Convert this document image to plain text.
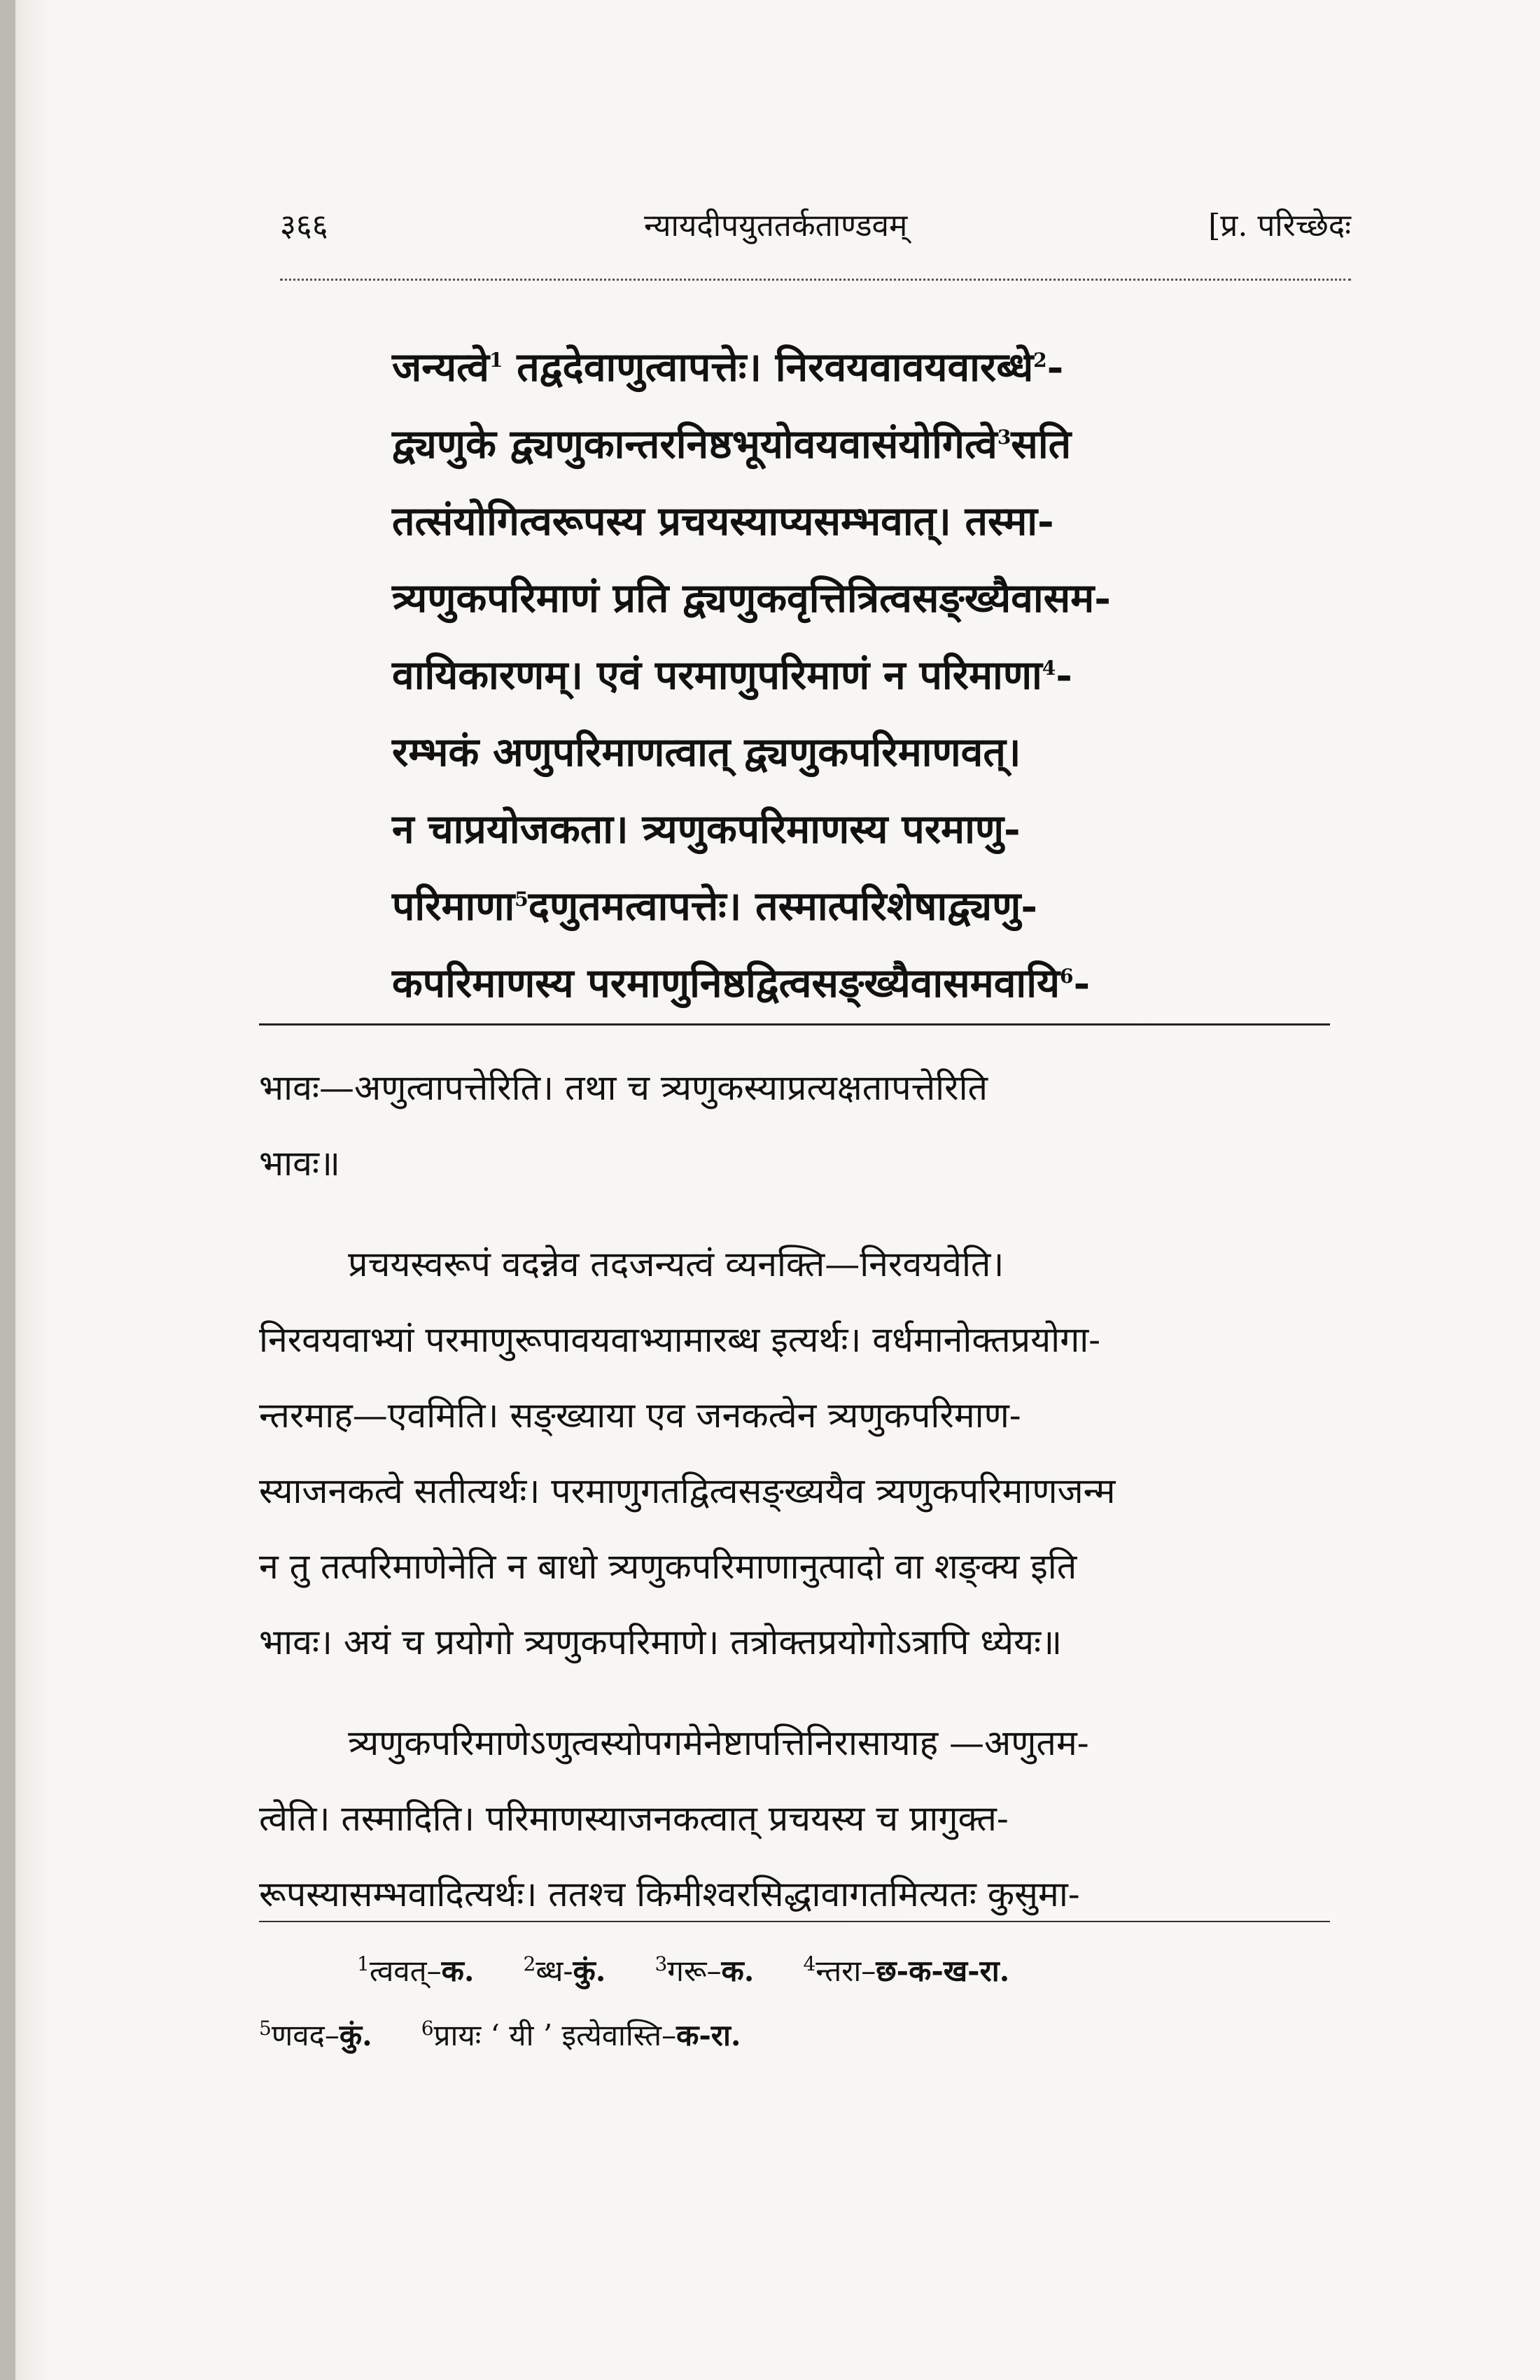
३६६	न्यायदीपयुततर्कताण्डवम्	[प्र. परिच्छेदः
जन्यत्वे$^1$ तद्वदेवाणुत्वापत्तेः। निरवयवावयवारब्धे$^2$-
द्व्यणुके द्व्यणुकान्तरनिष्ठभूयोवयवासंयोगित्वे$^3$सति
तत्संयोगित्वरूपस्य प्रचयस्याप्यसम्भवात्। तस्मा-
त्र्यणुकपरिमाणं प्रति द्व्यणुकवृत्तित्रित्वसङ्ख्यैवासम-
वायिकारणम्। एवं परमाणुपरिमाणं न परिमाणा$^4$-
रम्भकं अणुपरिमाणत्वात् द्व्यणुकपरिमाणवत्।
न चाप्रयोजकता। त्र्यणुकपरिमाणस्य परमाणु-
परिमाणा$^5$दणुतमत्वापत्तेः। तस्मात्परिशेषाद्व्यणु-
कपरिमाणस्य परमाणुनिष्ठद्वित्वसङ्ख्यैवासमवायि$^6$-
भावः—अणुत्वापत्तेरिति। तथा च त्र्यणुकस्याप्रत्यक्षतापत्तेरिति
भावः॥
प्रचयस्वरूपं वदन्नेव तदजन्यत्वं व्यनक्ति—निरवयवेति।
निरवयवाभ्यां परमाणुरूपावयवाभ्यामारब्ध इत्यर्थः। वर्धमानोक्तप्रयोगा-
न्तरमाह—एवमिति। सङ्ख्याया एव जनकत्वेन त्र्यणुकपरिमाण-
स्याजनकत्वे सतीत्यर्थः। परमाणुगतद्वित्वसङ्ख्ययैव त्र्यणुकपरिमाणजन्म
न तु तत्परिमाणेनेति न बाधो त्र्यणुकपरिमाणानुत्पादो वा शङ्क्य इति
भावः। अयं च प्रयोगो त्र्यणुकपरिमाणे। तत्रोक्तप्रयोगोऽत्रापि ध्येयः॥
त्र्यणुकपरिमाणेऽणुत्वस्योपगमेनेष्टापत्तिनिरासायाह —अणुतम-
त्वेति। तस्मादिति। परिमाणस्याजनकत्वात् प्रचयस्य च प्रागुक्त-
रूपस्यासम्भवादित्यर्थः। ततश्च किमीश्वरसिद्धावागतमित्यतः कुसुमा-
$^1$त्ववत्–क.	$^2$ब्ध-कुं.	$^3$गरू–क.	$^4$न्तरा–छ-क-ख-रा.
$^5$णवद–कुं.	$^6$प्रायः ‘ यी ’ इत्येवास्ति–क-रा.
